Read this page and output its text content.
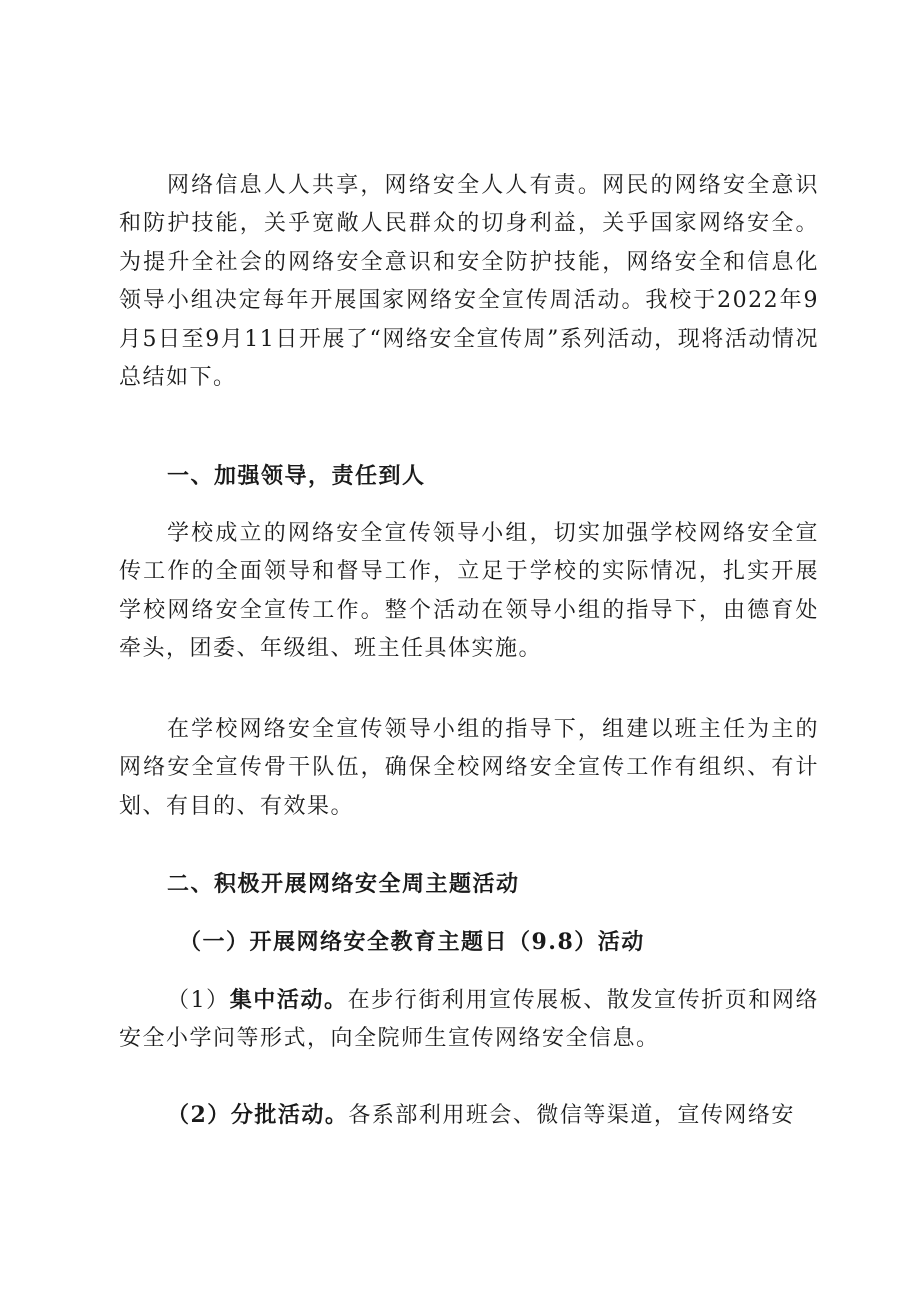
网络信息人人共享，网络安全人人有责。网民的网络安全意识和防护技能，关乎宽敞人民群众的切身利益，关乎国家网络安全。为提升全社会的网络安全意识和安全防护技能，网络安全和信息化领导小组决定每年开展国家网络安全宣传周活动。我校于2022年9月5日至9月11日开展了“网络安全宣传周”系列活动，现将活动情况总结如下。

一、加强领导，责任到人

学校成立的网络安全宣传领导小组，切实加强学校网络安全宣传工作的全面领导和督导工作，立足于学校的实际情况，扎实开展学校网络安全宣传工作。整个活动在领导小组的指导下，由德育处牵头，团委、年级组、班主任具体实施。

在学校网络安全宣传领导小组的指导下，组建以班主任为主的网络安全宣传骨干队伍，确保全校网络安全宣传工作有组织、有计划、有目的、有效果。

二、积极开展网络安全周主题活动

（一）开展网络安全教育主题日（9.8）活动

（1）集中活动。在步行街利用宣传展板、散发宣传折页和网络安全小学问等形式，向全院师生宣传网络安全信息。

（2）分批活动。各系部利用班会、微信等渠道，宣传网络安
